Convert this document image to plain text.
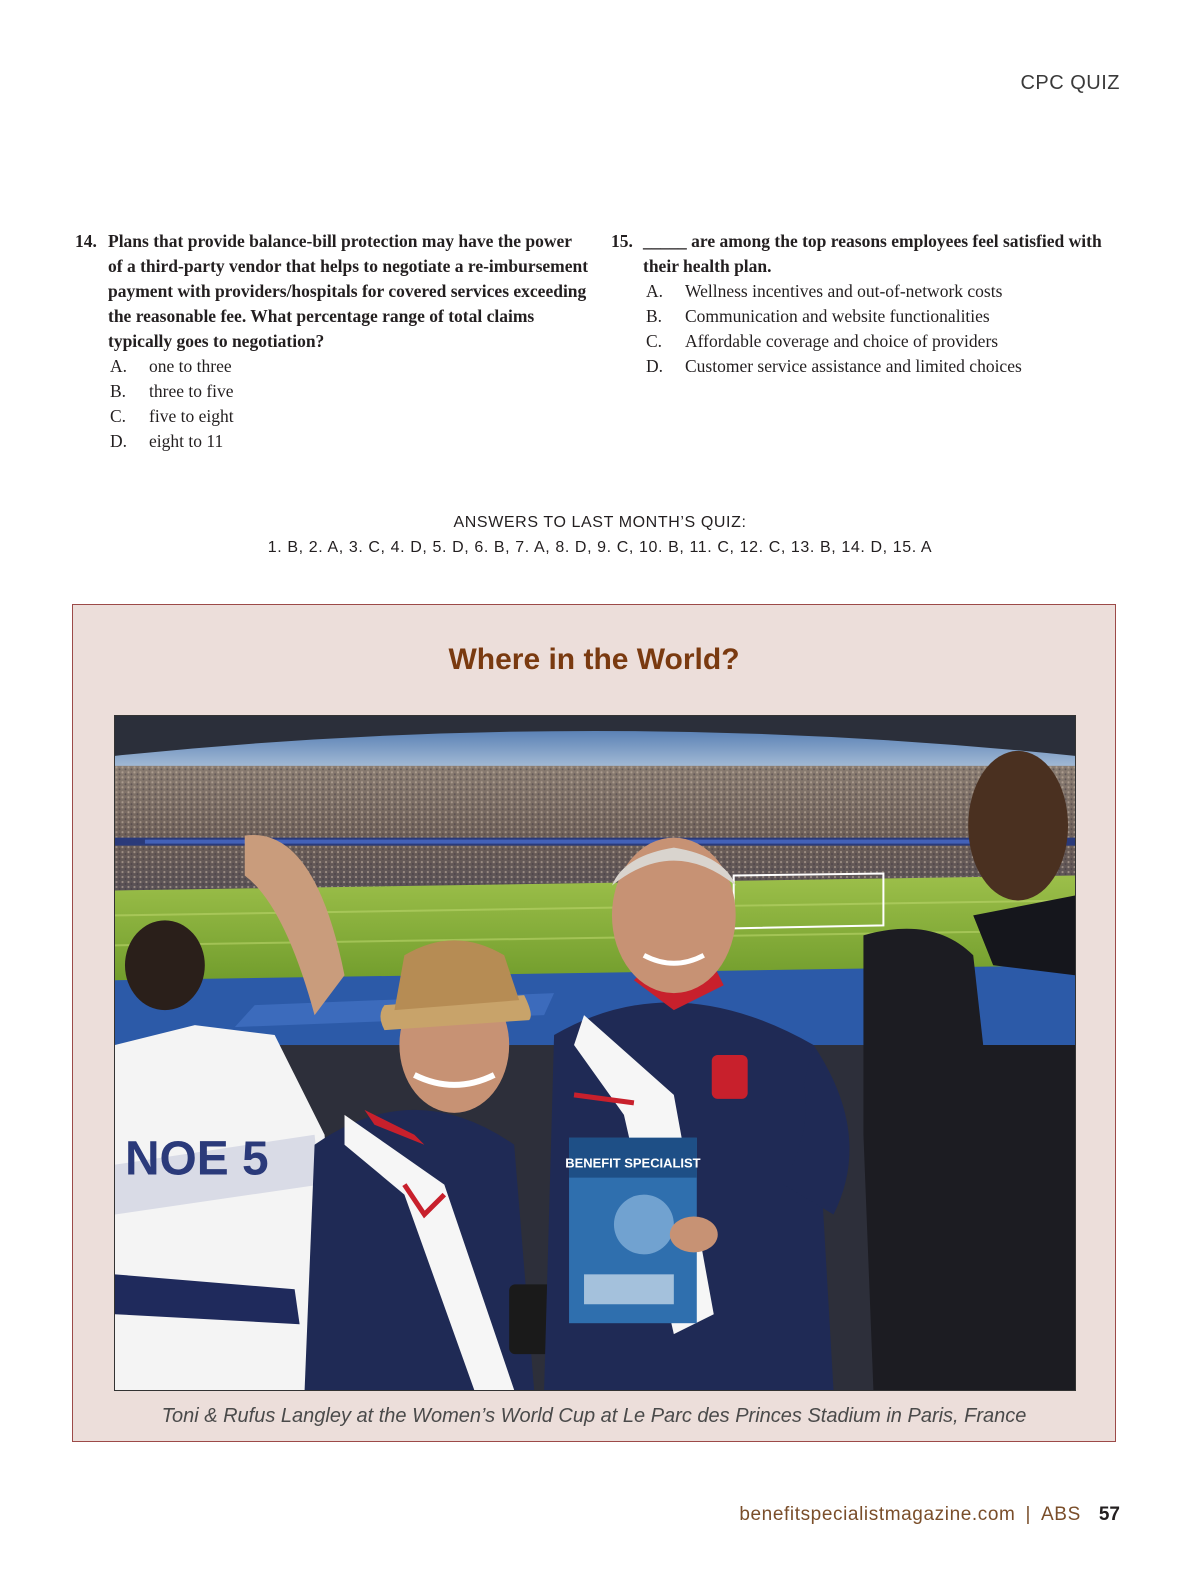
CPC QUIZ
14. Plans that provide balance-bill protection may have the power of a third-party vendor that helps to negotiate a re-imbursement payment with providers/hospitals for covered services exceeding the reasonable fee. What percentage range of total claims typically goes to negotiation?
A.	one to three
B.	three to five
C.	five to eight
D.	eight to 11
15. _____ are among the top reasons employees feel satisfied with their health plan.
A.	Wellness incentives and out-of-network costs
B.	Communication and website functionalities
C.	Affordable coverage and choice of providers
D.	Customer service assistance and limited choices
ANSWERS TO LAST MONTH’S QUIZ:
1. B, 2. A, 3. C, 4. D, 5. D, 6. B, 7. A, 8. D, 9. C, 10. B, 11. C, 12. C, 13. B, 14. D, 15. A
Where in the World?
NOE 5	BENEFIT SPECIALIST
Toni & Rufus Langley at the Women’s World Cup at Le Parc des Princes Stadium in Paris, France
benefitspecialistmagazine.com | ABS 57
